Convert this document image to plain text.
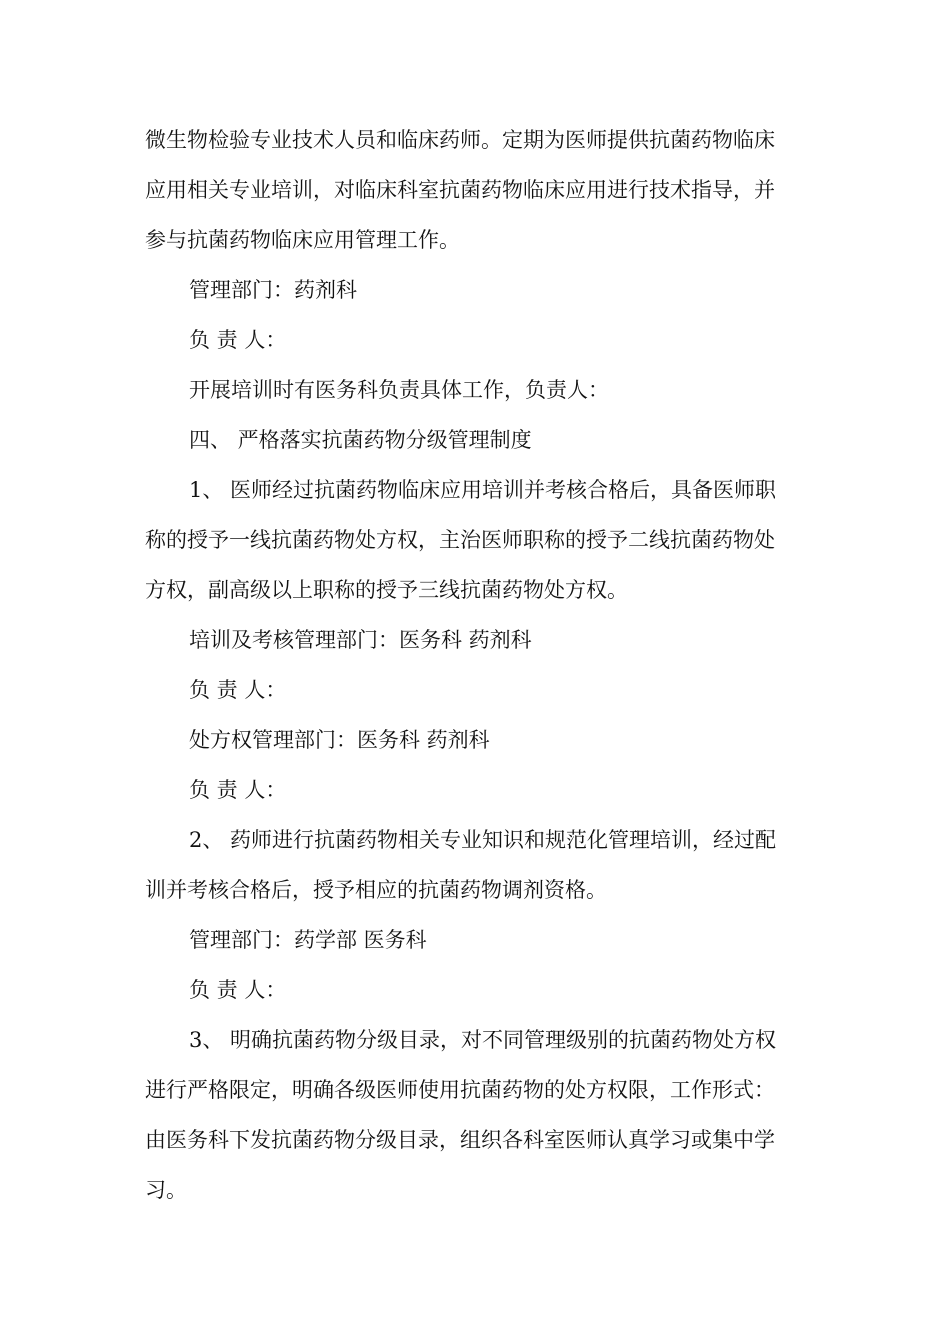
微生物检验专业技术人员和临床药师。定期为医师提供抗菌药物临床
应用相关专业培训，对临床科室抗菌药物临床应用进行技术指导，并
参与抗菌药物临床应用管理工作。
管理部门：药剂科
负 责 人：
开展培训时有医务科负责具体工作，负责人：
四、 严格落实抗菌药物分级管理制度
1、 医师经过抗菌药物临床应用培训并考核合格后，具备医师职
称的授予一线抗菌药物处方权，主治医师职称的授予二线抗菌药物处
方权，副高级以上职称的授予三线抗菌药物处方权。
培训及考核管理部门：医务科 药剂科
负 责 人：
处方权管理部门：医务科 药剂科
负 责 人：
2、 药师进行抗菌药物相关专业知识和规范化管理培训，经过配
训并考核合格后，授予相应的抗菌药物调剂资格。
管理部门：药学部 医务科
负 责 人：
3、 明确抗菌药物分级目录，对不同管理级别的抗菌药物处方权
进行严格限定，明确各级医师使用抗菌药物的处方权限，工作形式：
由医务科下发抗菌药物分级目录，组织各科室医师认真学习或集中学
习。
